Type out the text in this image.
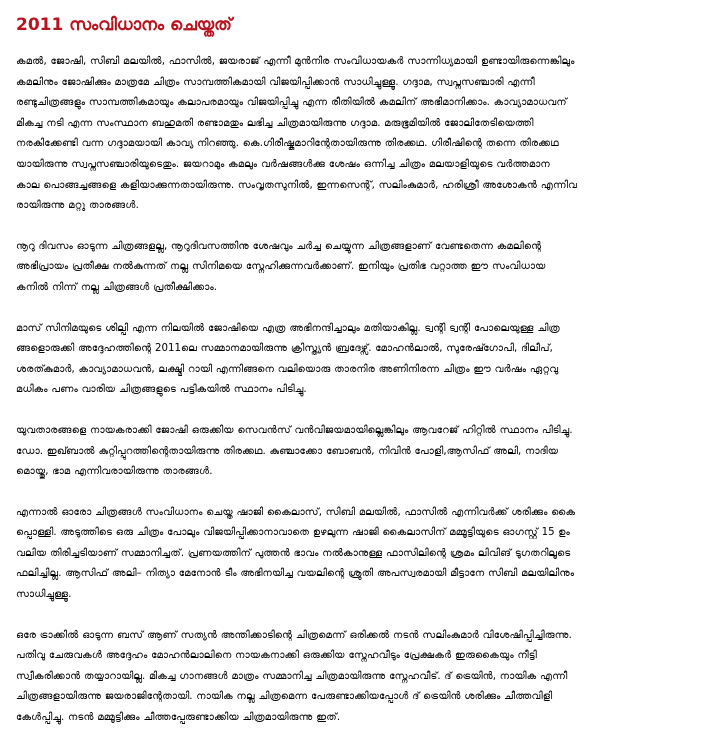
2011 സംവിധാനം ചെയ്തത്

കമൽ, ജോഷി, സിബി മലയിൽ, ഫാസിൽ, ജയരാജ് എന്നീ മുൻനിര സംവിധായകർ സാന്നിധ്യമായി ഉണ്ടായിരുന്നെങ്കിലും
കമലിനും ജോഷിക്കും മാത്രമേ ചിത്രം സാമ്പത്തികമായി വിജയിപ്പിക്കാൻ സാധിച്ചുള്ളൂ. ഗദ്ദാമ, സ്വപ്നസഞ്ചാരി എന്നീ
രണ്ടുചിത്രങ്ങളും സാമ്പത്തികമായും കലാപരമായും വിജയിപ്പിച്ചു എന്ന രീതിയിൽ കമലിന് അഭിമാനിക്കാം. കാവ്യാമാധവന്
മികച്ച നടി എന്ന സംസ്ഥാന ബഹുമതി രണ്ടാമതും ലഭിച്ച ചിത്രമായിരുന്നു ഗദ്ദാമ. മരുഭൂമിയിൽ ജോലിതേടിയെത്തി
നരകിക്കേണ്ടി വന്ന ഗദ്ദാമയായി കാവ്യ നിറഞ്ഞു. കെ.ഗിരീഷ്കുമാറിന്റേതായിരുന്നു തിരക്കഥ. ഗിരീഷിന്റെ തന്നെ തിരക്കഥ
യായിരുന്നു സ്വപ്നസഞ്ചാരിയുടെതും. ജയറാമും കമലും വർഷങ്ങൾക്കു ശേഷം ഒന്നിച്ച ചിത്രം മലയാളിയുടെ വർത്തമാന
കാല പൊങ്ങച്ചങ്ങളെ കളിയാക്കുന്നതായിരുന്നു. സംവൃതസുനിൽ, ഇന്നസെന്റ്, സലിംകുമാർ, ഹരിശ്രീ അശോകൻ എന്നിവ
രായിരുന്നു മറ്റു താരങ്ങൾ.

നൂറു ദിവസം ഓടുന്ന ചിത്രങ്ങളല്ല, നൂറുദിവസത്തിനു ശേഷവും ചർച്ച ചെയ്യുന്ന ചിത്രങ്ങളാണ് വേണ്ടതെന്ന കമലിന്റെ
അഭിപ്രായം പ്രതീക്ഷ നൽകുന്നത് നല്ല സിനിമയെ സ്നേഹിക്കുന്നവർക്കാണ്. ഇനിയും പ്രതിഭ വറ്റാത്ത ഈ സംവിധായ
കനിൽ നിന്ന് നല്ല ചിത്രങ്ങൾ പ്രതീക്ഷിക്കാം.

മാസ് സിനിമയുടെ ശില്പി എന്ന നിലയിൽ ജോഷിയെ എത്ര അഭിനന്ദിച്ചാലും മതിയാകില്ല. ട്വന്റി ട്വന്റി പോലെയുള്ള ചിത്ര
ങ്ങളൊരുക്കി അദ്ദേഹത്തിന്റെ 2011ലെ സമ്മാനമായിരുന്നു ക്രിസ്ത്യൻ ബ്രദേഴ്സ്. മോഹൻലാൽ, സുരേഷ്ഗോപി, ദിലീപ്,
ശരത്കുമാർ, കാവ്യാമാധവൻ, ലക്ഷ്മി റായി എന്നിങ്ങനെ വലിയൊരു താരനിര അണിനിരന്ന ചിത്രം ഈ വർഷം ഏറ്റവു
മധികം പണം വാരിയ ചിത്രങ്ങളുടെ പട്ടികയിൽ സ്ഥാനം പിടിച്ചു.

യുവതാരങ്ങളെ നായകരാക്കി ജോഷി ഒരുക്കിയ സെവൻസ് വൻവിജയമായില്ലെങ്കിലും ആവറേജ് ഹിറ്റിൽ സ്ഥാനം പിടിച്ചു.
ഡോ. ഇഖ്ബാൽ കുറ്റിപ്പുറത്തിന്റെതായിരുന്നു തിരക്കഥ. കുഞ്ചാക്കോ ബോബൻ, നിവിൻ പോളി,ആസിഫ് അലി, നാദിയ
മൊയ്തു, ഭാമ എന്നിവരായിരുന്നു താരങ്ങൾ.

എന്നാൽ ഓരോ ചിത്രങ്ങൾ സംവിധാനം ചെയ്ത ഷാജി കൈലാസ്, സിബി മലയിൽ, ഫാസിൽ എന്നിവർക്ക് ശരിക്കും കൈ
പ്പൊള്ളി. അടുത്തിടെ ഒരു ചിത്രം പോലും വിജയിപ്പിക്കാനാവാതെ ഉഴലുന്ന ഷാജി കൈലാസിന് മമ്മൂട്ടിയുടെ ഓഗസ്റ്റ് 15 ഉം
വലിയ തിരിച്ചടിയാണ് സമ്മാനിച്ചത്. പ്രണയത്തിന് പുത്തൻ ഭാവം നൽകാനുള്ള ഫാസിലിന്റെ ശ്രമം ലിവിങ് ടുഗതറിലൂടെ
ഫലിച്ചില്ല. ആസിഫ് അലി– നിത്യാ മേനോൻ ടീം അഭിനയിച്ച വയലിന്റെ ശ്രുതി അപസ്വരമായി മീട്ടാനേ സിബി മലയിലിനും
സാധിച്ചുള്ളൂ.

ഒരേ ട്രാക്കിൽ ഓടുന്ന ബസ് ആണ് സത്യൻ അന്തിക്കാടിന്റെ ചിത്രമെന്ന് ഒരിക്കൽ നടൻ സലിംകുമാർ വിശേഷിപ്പിച്ചിരുന്നു.
പതിവു ചേരുവകൾ അദ്ദേഹം മോഹൻലാലിനെ നായകനാക്കി ഒരുക്കിയ സ്നേഹവീടും പ്രേക്ഷകർ ഇരുകൈയും നീട്ടി
സ്വീകരിക്കാൻ തയ്യാറായില്ല. മികച്ച ഗാനങ്ങൾ മാത്രം സമ്മാനിച്ച ചിത്രമായിരുന്നു സ്നേഹവീട്. ദ് ട്രെയിൻ, നായിക എന്നീ
ചിത്രങ്ങളായിരുന്നു ജയരാജിന്റേതായി. നായിക നല്ല ചിത്രമെന്ന പേരുണ്ടാക്കിയപ്പോൾ ദ് ട്രെയിൻ ശരിക്കും ചീത്തവിളി
കേൾപ്പിച്ചു. നടൻ മമ്മൂട്ടിക്കും ചീത്തപ്പേരുണ്ടാക്കിയ ചിത്രമായിരുന്നു ഇത്.
